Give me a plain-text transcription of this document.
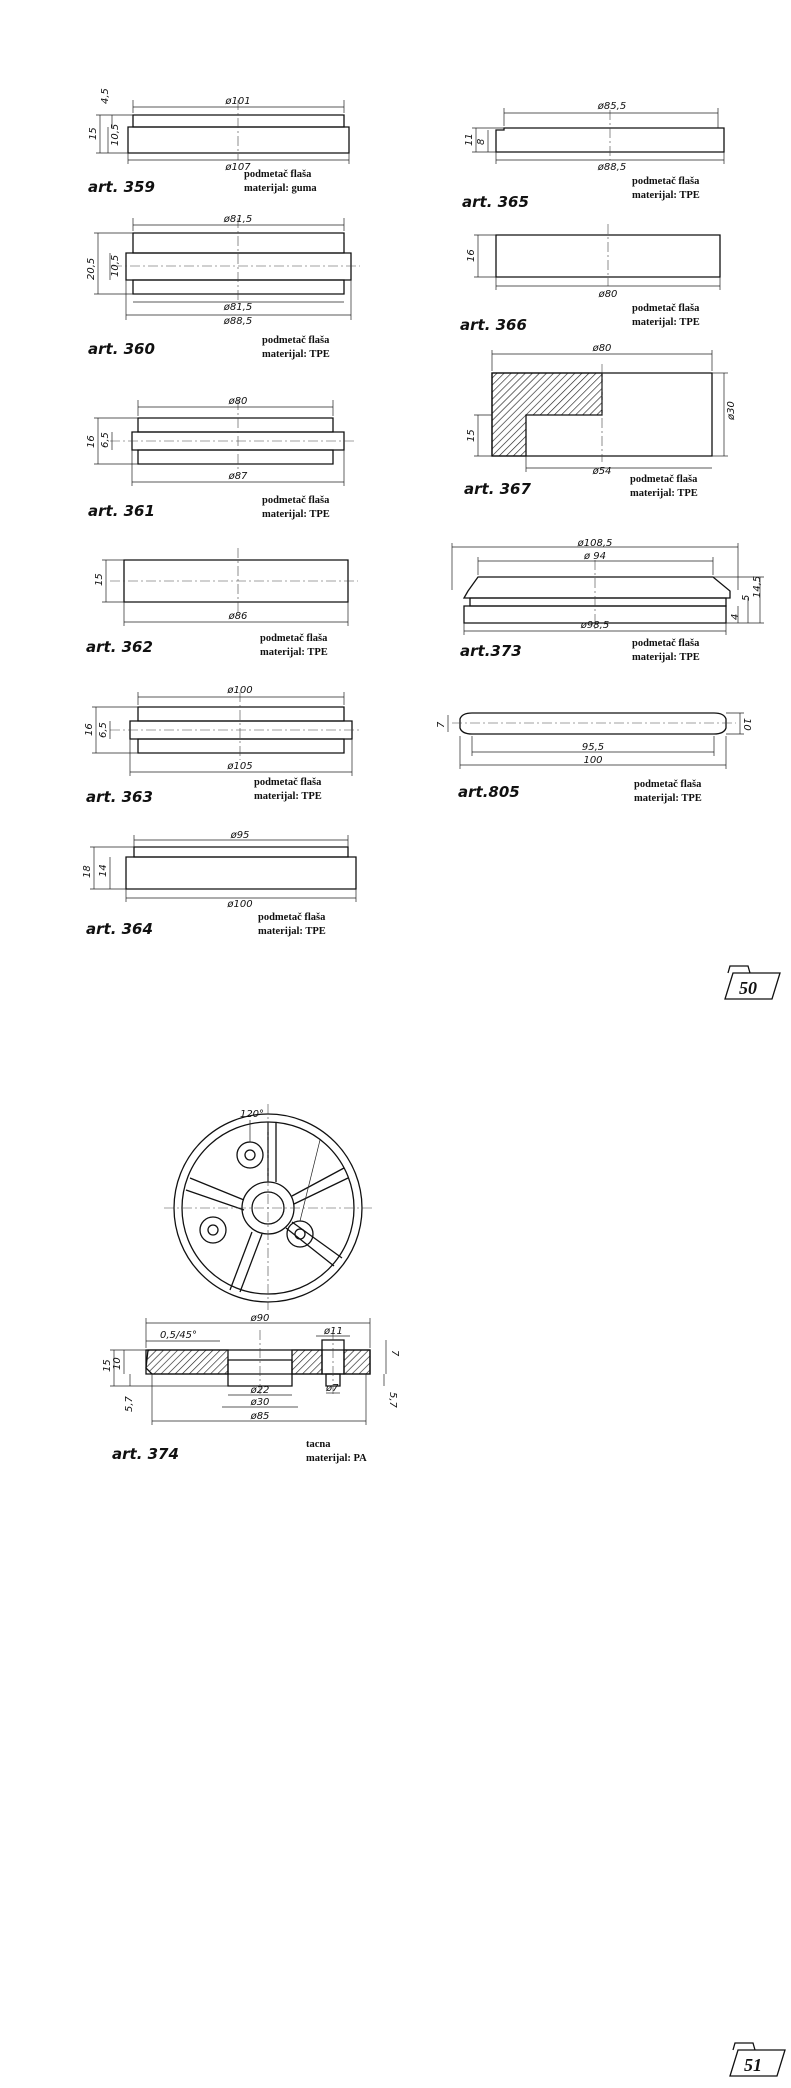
ø101
ø107
4,5
15 10,5
art. 359
podmetač flaša
materijal: guma
ø81,5
ø81,5
ø88,5
20,5 10,5
art. 360	podmetač flaša
materijal: TPE
ø80
ø87
16 6,5
art. 361
podmetač flaša
materijal: TPE
ø86
15
art. 362	podmetač flaša
materijal: TPE
ø100
ø105
16 6,5
art. 363
podmetač flaša
materijal: TPE
ø95
ø100
18 14
art. 364
podmetač flaša
materijal: TPE
ø85,5
ø88,5
11 8
art. 365
podmetač flaša
materijal: TPE
ø80
16
art. 366
podmetač flaša
materijal: TPE
ø80
ø30
ø54
15
art. 367
podmetač flaša
materijal: TPE
ø108,5
ø 94
ø98,5
4
5 14,5
art.373	podmetač flaša
materijal: TPE
95,5
100
7	10
art.805	podmetač flaša
materijal: TPE
50
120°
ø90
0,5/45°	ø11
15 10
7
ø22
ø30
ø7
ø85
5,7	5,7
art. 374
tacna
materijal: PA
51
